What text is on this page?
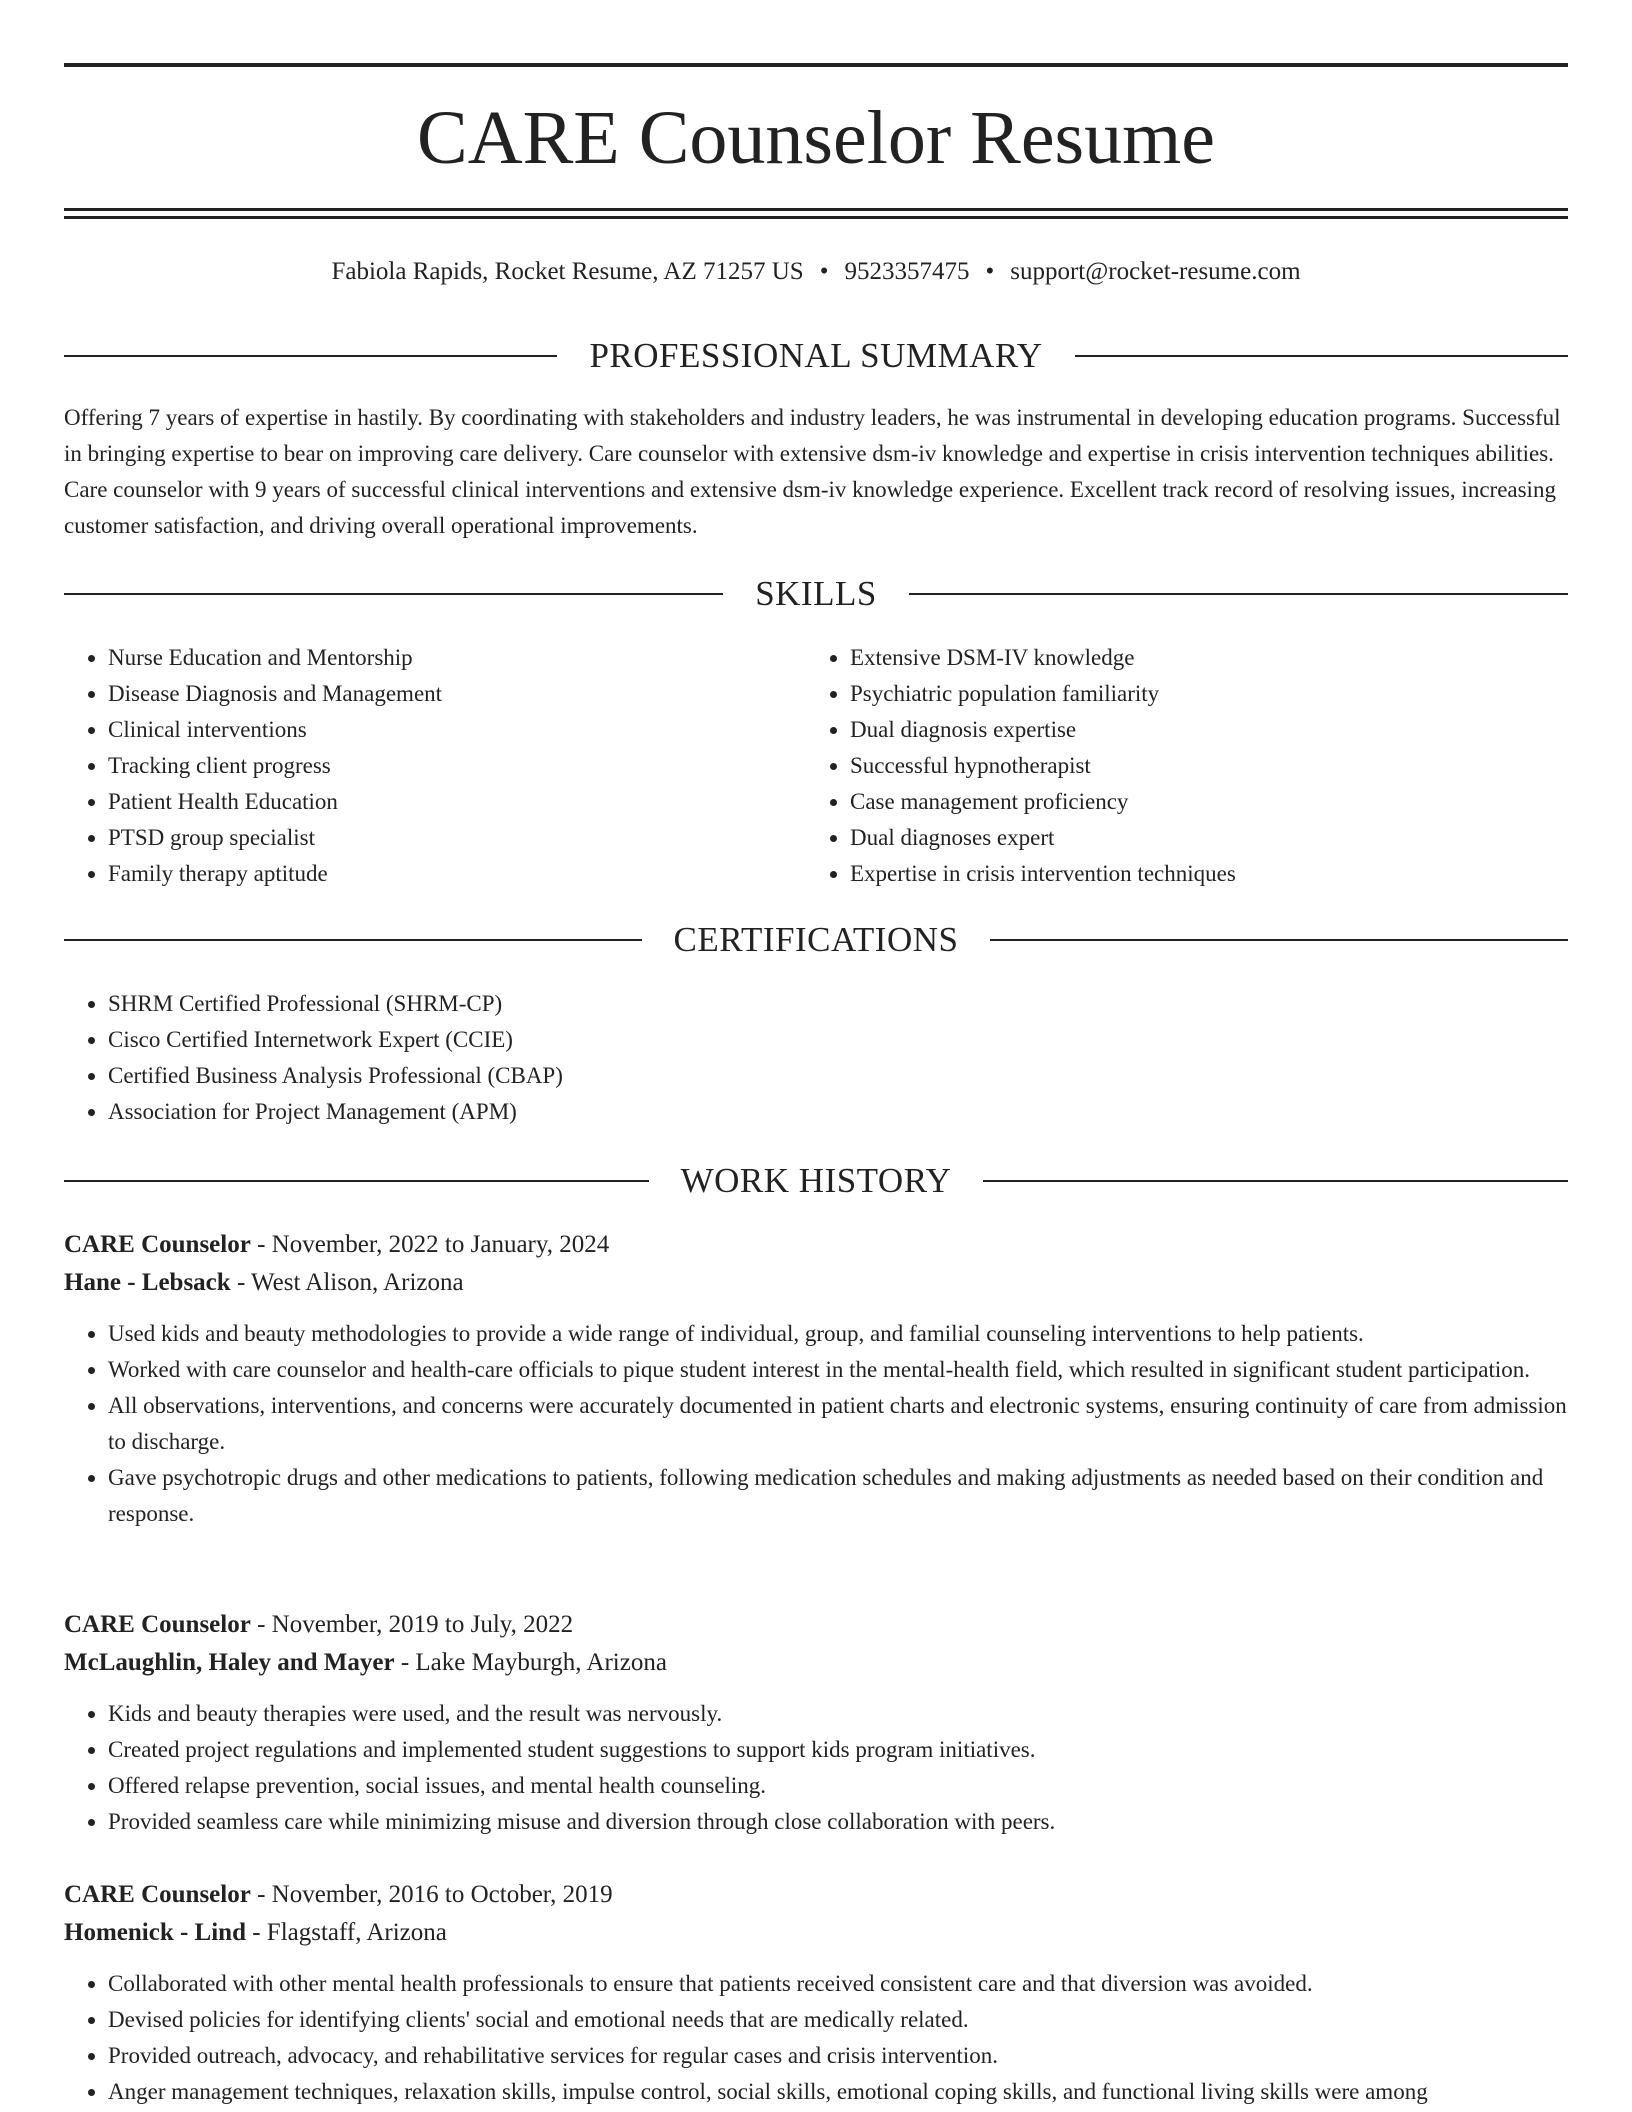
CARE Counselor Resume
Fabiola Rapids, Rocket Resume, AZ 71257 US • 9523357475 • support@rocket-resume.com
PROFESSIONAL SUMMARY

Offering 7 years of expertise in hastily. By coordinating with stakeholders and industry leaders, he was instrumental in developing education programs. Successful in bringing expertise to bear on improving care delivery. Care counselor with extensive dsm-iv knowledge and expertise in crisis intervention techniques abilities. Care counselor with 9 years of successful clinical interventions and extensive dsm-iv knowledge experience. Excellent track record of resolving issues, increasing customer satisfaction, and driving overall operational improvements.

SKILLS
• Nurse Education and Mentorship
• Disease Diagnosis and Management
• Clinical interventions
• Tracking client progress
• Patient Health Education
• PTSD group specialist
• Family therapy aptitude
• Extensive DSM-IV knowledge
• Psychiatric population familiarity
• Dual diagnosis expertise
• Successful hypnotherapist
• Case management proficiency
• Dual diagnoses expert
• Expertise in crisis intervention techniques
CERTIFICATIONS
• SHRM Certified Professional (SHRM-CP)
• Cisco Certified Internetwork Expert (CCIE)
• Certified Business Analysis Professional (CBAP)
• Association for Project Management (APM)
WORK HISTORY
CARE Counselor - November, 2022 to January, 2024
Hane - Lebsack - West Alison, Arizona
• Used kids and beauty methodologies to provide a wide range of individual, group, and familial counseling interventions to help patients.
• Worked with care counselor and health-care officials to pique student interest in the mental-health field, which resulted in significant student participation.
• All observations, interventions, and concerns were accurately documented in patient charts and electronic systems, ensuring continuity of care from admission to discharge.
• Gave psychotropic drugs and other medications to patients, following medication schedules and making adjustments as needed based on their condition and response.
CARE Counselor - November, 2019 to July, 2022
McLaughlin, Haley and Mayer - Lake Mayburgh, Arizona
• Kids and beauty therapies were used, and the result was nervously.
• Created project regulations and implemented student suggestions to support kids program initiatives.
• Offered relapse prevention, social issues, and mental health counseling.
• Provided seamless care while minimizing misuse and diversion through close collaboration with peers.
CARE Counselor - November, 2016 to October, 2019
Homenick - Lind - Flagstaff, Arizona
• Collaborated with other mental health professionals to ensure that patients received consistent care and that diversion was avoided.
• Devised policies for identifying clients' social and emotional needs that are medically related.
• Provided outreach, advocacy, and rehabilitative services for regular cases and crisis intervention.
• Anger management techniques, relaxation skills, impulse control, social skills, emotional coping skills, and functional living skills were among
